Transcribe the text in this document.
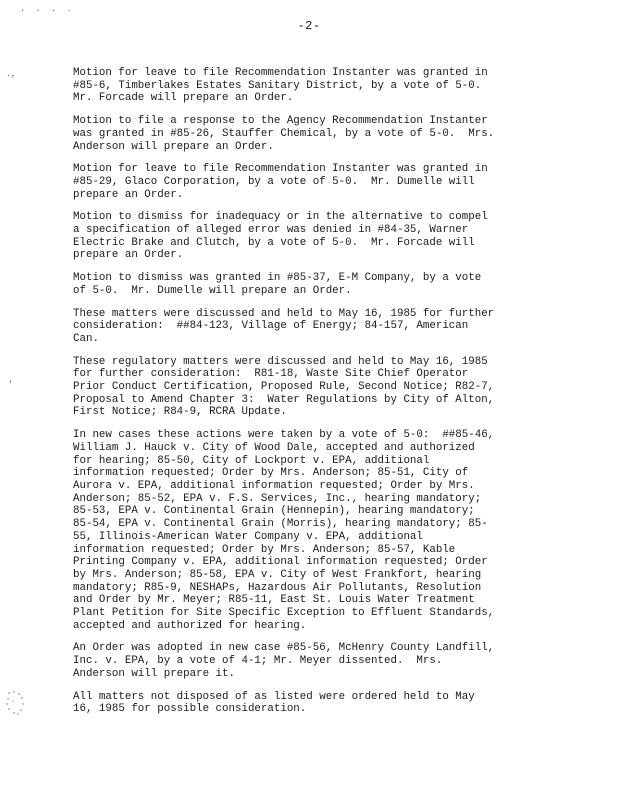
. . . .
.‚
‘
-2-

Motion for leave to file Recommendation Instanter was granted in
#85-6, Timberlakes Estates Sanitary District, by a vote of 5-0.
Mr. Forcade will prepare an Order.

Motion to file a response to the Agency Recommendation Instanter
was granted in #85-26, Stauffer Chemical, by a vote of 5-0.  Mrs.
Anderson will prepare an Order.

Motion for leave to file Recommendation Instanter was granted in
#85-29, Glaco Corporation, by a vote of 5-0.  Mr. Dumelle will
prepare an Order.

Motion to dismiss for inadequacy or in the alternative to compel
a specification of alleged error was denied in #84-35, Warner
Electric Brake and Clutch, by a vote of 5-0.  Mr. Forcade will
prepare an Order.

Motion to dismiss was granted in #85-37, E-M Company, by a vote
of 5-0.  Mr. Dumelle will prepare an Order.

These matters were discussed and held to May 16, 1985 for further
consideration:  ##84-123, Village of Energy; 84-157, American
Can.

These regulatory matters were discussed and held to May 16, 1985
for further consideration:  R81-18, Waste Site Chief Operator
Prior Conduct Certification, Proposed Rule, Second Notice; R82-7,
Proposal to Amend Chapter 3:  Water Regulations by City of Alton,
First Notice; R84-9, RCRA Update.

In new cases these actions were taken by a vote of 5-0:  ##85-46,
William J. Hauck v. City of Wood Dale, accepted and authorized
for hearing; 85-50, City of Lockport v. EPA, additional
information requested; Order by Mrs. Anderson; 85-51, City of
Aurora v. EPA, additional information requested; Order by Mrs.
Anderson; 85-52, EPA v. F.S. Services, Inc., hearing mandatory;
85-53, EPA v. Continental Grain (Hennepin), hearing mandatory;
85-54, EPA v. Continental Grain (Morris), hearing mandatory; 85-
55, Illinois-American Water Company v. EPA, additional
information requested; Order by Mrs. Anderson; 85-57, Kable
Printing Company v. EPA, additional information requested; Order
by Mrs. Anderson; 85-58, EPA v. City of West Frankfort, hearing
mandatory; R85-9, NESHAPs, Hazardous Air Pollutants, Resolution
and Order by Mr. Meyer; R85-11, East St. Louis Water Treatment
Plant Petition for Site Specific Exception to Effluent Standards,
accepted and authorized for hearing.

An Order was adopted in new case #85-56, McHenry County Landfill,
Inc. v. EPA, by a vote of 4-1; Mr. Meyer dissented.  Mrs.
Anderson will prepare it.

All matters not disposed of as listed were ordered held to May
16, 1985 for possible consideration.
